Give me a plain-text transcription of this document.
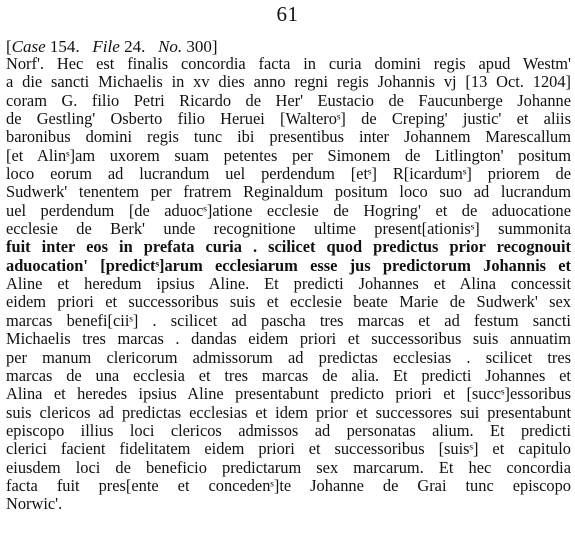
61
[Case 154. File 24. No. 300]
Norf'. Hec est finalis concordia facta in curia domini regis apud Westm'
a die sancti Michaelis in xv dies anno regni regis Johannis vj [13 Oct. 1204]
coram G. filio Petri Ricardo de Her' Eustacio de Faucunberge Johanne
de Gestling' Osberto filio Heruei [Walteroˢ] de Creping' justic' et aliis
baronibus domini regis tunc ibi presentibus inter Johannem Marescallum
[et Alinˢ]am uxorem suam petentes per Simonem de Litlington' positum
loco eorum ad lucrandum uel perdendum [etˢ] R[icardumˢ] priorem de
Sudwerk' tenentem per fratrem Reginaldum positum loco suo ad lucrandum
uel perdendum [de aduocˢ]atione ecclesie de Hogring' et de aduocatione
ecclesie de Berk' unde recognitione ultime present[ationisˢ] summonita
fuit inter eos in prefata curia . scilicet quod predictus prior recognouit
aduocation' [predictˢ]arum ecclesiarum esse jus predictorum Johannis et
Aline et heredum ipsius Aline. Et predicti Johannes et Alina concessit
eidem priori et successoribus suis et ecclesie beate Marie de Sudwerk' sex
marcas benefi[ciiˢ] . scilicet ad pascha tres marcas et ad festum sancti
Michaelis tres marcas . dandas eidem priori et successoribus suis annuatim
per manum clericorum admissorum ad predictas ecclesias . scilicet tres
marcas de una ecclesia et tres marcas de alia. Et predicti Johannes et
Alina et heredes ipsius Aline presentabunt predicto priori et [succˢ]essoribus
suis clericos ad predictas ecclesias et idem prior et successores sui presentabunt
episcopo illius loci clericos admissos ad personatas alium. Et predicti
clerici facient fidelitatem eidem priori et successoribus [suisˢ] et capitulo
eiusdem loci de beneficio predictarum sex marcarum. Et hec concordia
facta fuit pres[ente et concedenˢ]te Johanne de Grai tunc episcopo
Norwic'.
